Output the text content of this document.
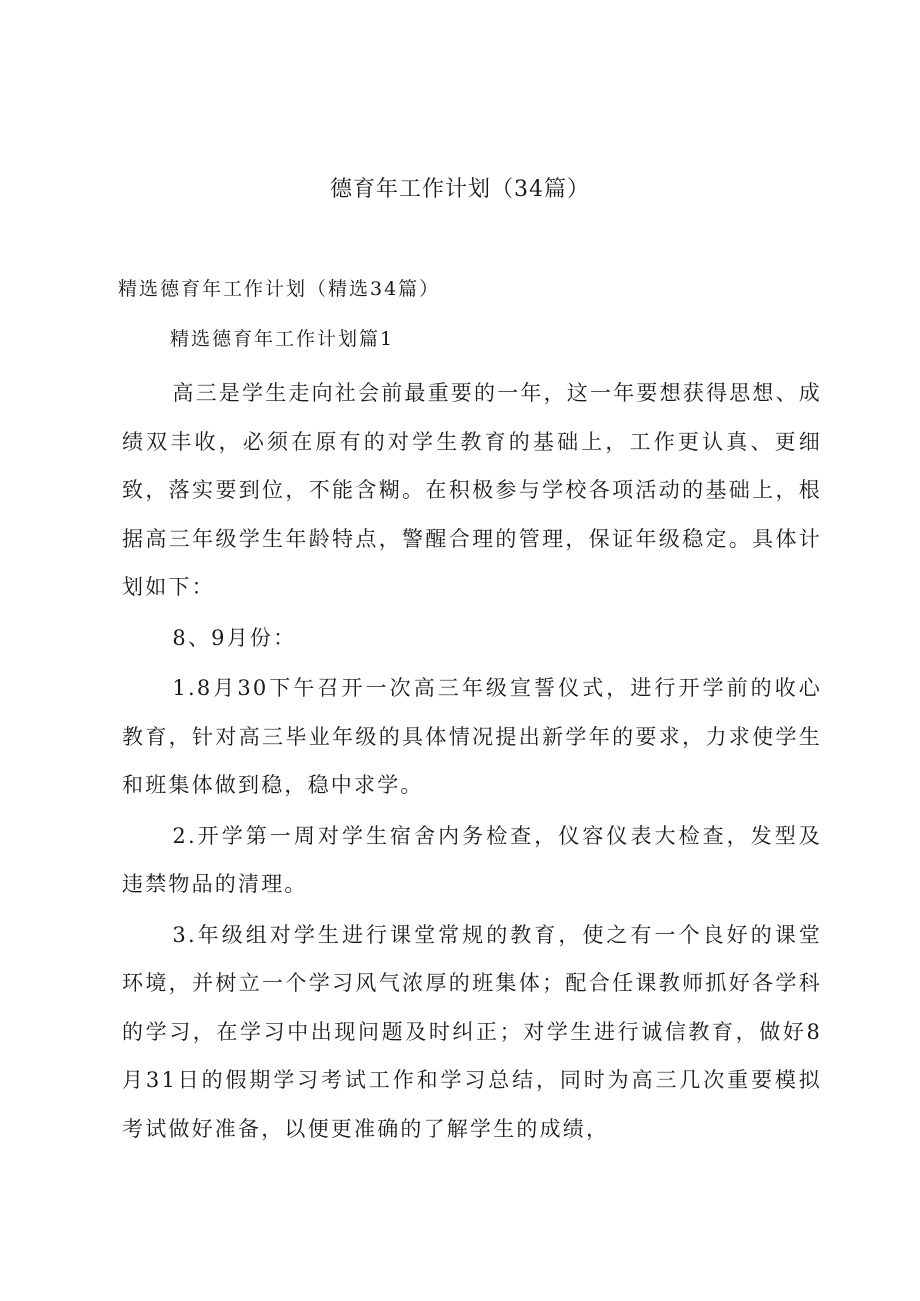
德育年工作计划（34篇）

精选德育年工作计划（精选34篇）

精选德育年工作计划篇1

高三是学生走向社会前最重要的一年，这一年要想获得思想、成绩双丰收，必须在原有的对学生教育的基础上，工作更认真、更细致，落实要到位，不能含糊。在积极参与学校各项活动的基础上，根据高三年级学生年龄特点，警醒合理的管理，保证年级稳定。具体计划如下：

8、9月份：

1.8月30下午召开一次高三年级宣誓仪式，进行开学前的收心教育，针对高三毕业年级的具体情况提出新学年的要求，力求使学生和班集体做到稳，稳中求学。

2.开学第一周对学生宿舍内务检查，仪容仪表大检查，发型及违禁物品的清理。

3.年级组对学生进行课堂常规的教育，使之有一个良好的课堂环境，并树立一个学习风气浓厚的班集体；配合任课教师抓好各学科的学习，在学习中出现问题及时纠正；对学生进行诚信教育，做好8月31日的假期学习考试工作和学习总结，同时为高三几次重要模拟考试做好准备，以便更准确的了解学生的成绩，
